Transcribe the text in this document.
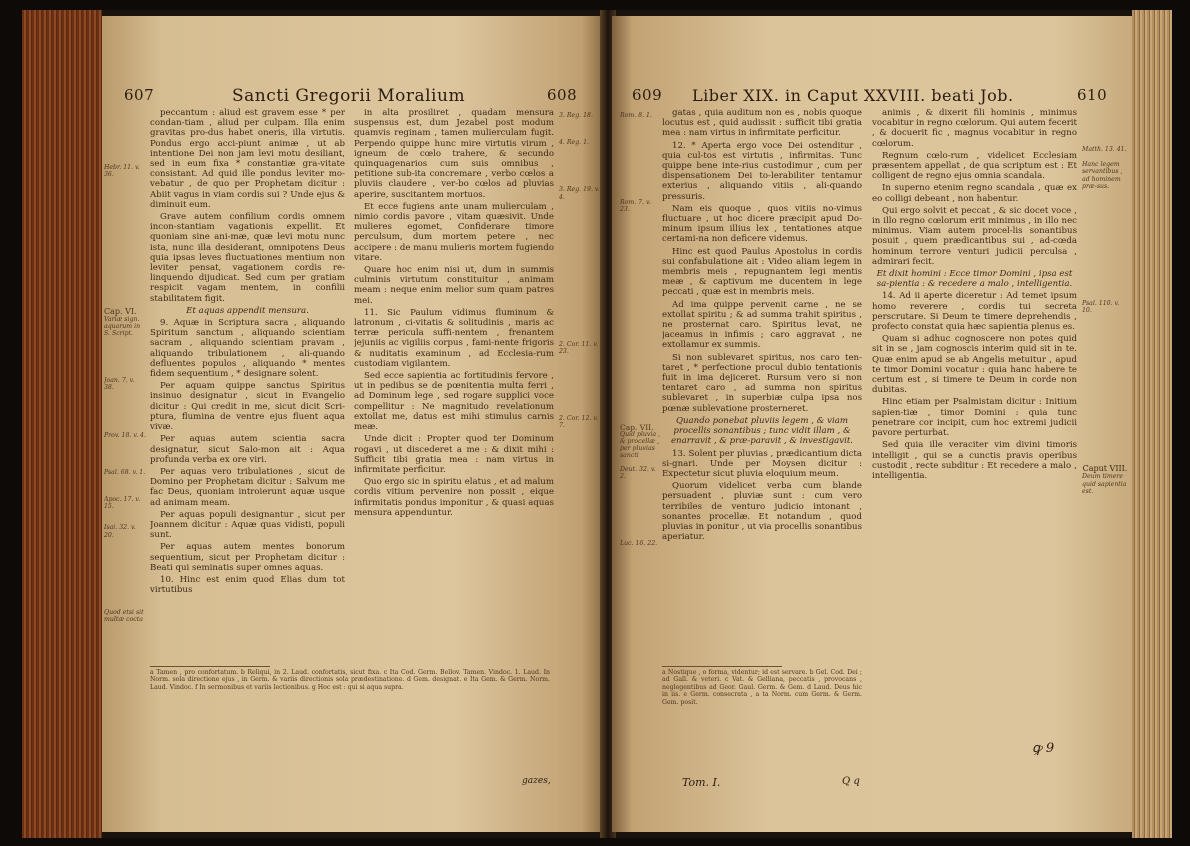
607	Sancti Gregorii Moralium	608
Hebr. 11. v. 36.
Cap. VI.
Variæ sign. aquarum in S. Script.
Joan. 7. v. 38.
Prov. 18. v. 4.
Psal. 68. v. 1.
Apoc. 17. v. 15.
Isai. 32. v. 20.
Quod etsi sit multæ cocta

peccantum : aliud est gravem esse * per condan-tiam , aliud per culpam. Illa enim gravitas pro-dus habet oneris, illa virtutis. Pondus ergo acci-piunt animæ , ut ab intentione Dei non jam levi motu desiliant, sed in eum fixa * constantiæ gra-vitate consistant. Ad quid ille pondus leviter mo-vebatur , de quo per Prophetam dicitur : Abiit vagus in viam cordis sui ? Unde ejus & diminuit eum.

Grave autem confilium cordis omnem incon-stantiam vagationis expellit. Et quoniam sine ani-mæ, quæ levi motu nunc ista, nunc illa desiderant, omnipotens Deus quia ipsas leves fluctuationes mentium non leviter pensat, vagationem cordis re-linquendo dijudicat. Sed cum per gratiam respicit vagam mentem, in confilii stabilitatem figit.

Et aquas appendit mensura.

9. Aquæ in Scriptura sacra , aliquando Spiritum sanctum , aliquando scientiam sacram , aliquando scientiam pravam , aliquando tribulationem , ali-quando defluentes populos , aliquando * mentes fidem sequentium , * designare solent.

Per aquam quippe sanctus Spiritus insinuo designatur , sicut in Evangelio dicitur : Qui credit in me, sicut dicit Scri-ptura, flumina de ventre ejus fluent aqua vivæ.

Per aquas autem scientia sacra designatur, sicut Salo-mon ait : Aqua profunda verba ex ore viri.

Per aquas vero tribulationes , sicut de Domino per Prophetam dicitur : Salvum me fac Deus, quoniam introierunt aquæ usque ad animam meam.

Per aquas populi designantur , sicut per Joannem dicitur : Aquæ quas vidisti, populi sunt.

Per aquas autem mentes bonorum sequentium, sicut per Prophetam dicitur : Beati qui seminatis super omnes aquas.

10. Hinc est enim quod Elias dum tot virtutibus

in alta prosiliret , quadam mensura suspensus est, dum Jezabel post modum quamvis reginam , tamen mulierculam fugit. Perpendo quippe hunc mire virtutis virum , igneum de cœlo trahere, & secundo quinquagenarios cum suis omnibus , petitione sub-ita concremare , verbo cœlos a pluviis claudere , ver-bo cœlos ad pluvias aperire, suscitantem mortuos.

Et ecce fugiens ante unam mulierculam , nimio cordis pavore , vitam quæsivit. Unde mulieres egomet, Confiderare timore perculsum, dum mortem petere , nec accipere : de manu mulieris mortem fugiendo vitare.

Quare hoc enim nisi ut, dum in summis culminis virtutum constituitur , animam meam : neque enim melior sum quam patres mei.

11. Sic Paulum vidimus fluminum & latronum , ci-vitatis & solitudinis , maris ac terræ pericula suffi-nentem , frenantem jejuniis ac vigiliis corpus , fami-nente frigoris & nuditatis examinum , ad Ecclesia-rum custodiam vigilantem.

Sed ecce sapientia ac fortitudinis fervore , ut in pedibus se de pœnitentia multa ferri , ad Dominum lege , sed rogare supplici voce compellitur : Ne magnitudo revelationum extollat me, datus est mihi stimulus carnis meæ.

Unde dicit : Propter quod ter Dominum rogavi , ut discederet a me : & dixit mihi : Sufficit tibi gratia mea : nam virtus in infirmitate perficitur.

Quo ergo sic in spiritu elatus , et ad malum cordis vitium pervenire non possit , eique infirmitatis pondus imponitur , & quasi aquas mensura appenduntur.

3. Reg. 18.
4. Reg. 1.
3. Reg. 19. v. 4.
2. Cor. 11. v. 23.
2. Cor. 12. v. 7.
a Tamen , pro confortatum. b Reliqui, in 2. Laud. confortatis, sicut fixa. c Ita Cod. Germ. Bellov. Tamen. Vindoc. 1. Laud. In Norm. sola directione ejus , in Germ. & variis directionis sola prædestinatione. d Gem. designat. e Ita Gem. & Germ. Norm. Laud. Vindoc. f In sermonibus et variis lectionibus. g Hoc est : qui si aqua supra.
gazes,
609 Liber XIX. in Caput XXVIII. beati Job.	610
Rom. 8. 1.
Rom. 7. v. 23.
Cap. VII.
Quid pluvia , & procellæ , per pluvias sancti
Deut. 32. v. 2.
Luc. 16. 22.

gatas , quia auditum non es , nobis quoque locutus est , quid audissit : sufficit tibi gratia mea : nam virtus in infirmitate perficitur.

12. * Aperta ergo voce Dei ostenditur , quia cul-tos est virtutis , infirmitas. Tunc quippe bene inte-rius custodimur , cum per dispensationem Dei to-lerabiliter tentamur exterius , aliquando vitiis , ali-quando pressuris.

Nam eis quoque , quos vitiis no-vimus fluctuare , ut hoc dicere præcipit apud Do-minum ipsum illius lex , tentationes atque certami-na non deficere videmus.

Hinc est quod Paulus Apostolus in cordis sui confabulatione ait : Video aliam legem in membris meis , repugnantem legi mentis meæ , & captivum me ducentem in lege peccati , quæ est in membris meis.

Ad ima quippe pervenit carne , ne se extollat spiritu ; & ad summa trahit spiritus , ne prosternat caro. Spiritus levat, ne jaceamus in infimis ; caro aggravat , ne extollamur ex summis.

Si non sublevaret spiritus, nos caro ten-taret , * perfectione procul dubio tentationis fuit in ima dejiceret. Rursum vero si non tentaret caro , ad summa non spiritus sublevaret , in superbiæ culpa ipsa nos pœnæ sublevatione prosterneret.

Quando ponebat pluviis legem , & viam procellis sonantibus ; tunc vidit illam , & enarravit , & præ-paravit , & investigavit.

13. Solent per pluvias , prædicantium dicta si-gnari. Unde per Moysen dicitur : Expectetur sicut pluvia eloquium meum.

Quorum videlicet verba cum blande persuadent , pluviæ sunt : cum vero terribiles de venturo judicio intonant , sonantes procellæ. Et notandum , quod pluvias in ponitur , ut via procellis sonantibus aperiatur.

animis , & dixerit fili hominis , minimus vocabitur in regno cœlorum. Qui autem fecerit , & docuerit fic , magnus vocabitur in regno cœlorum.

Regnum cœlo-rum , videlicet Ecclesiam præsentem appellat , de qua scriptum est : Et colligent de regno ejus omnia scandala.

In superno etenim regno scandala , quæ ex eo colligi debeant , non habentur.

Qui ergo solvit et peccat , & sic docet voce , in illo regno cœlorum erit minimus , in illo nec minimus. Viam autem procel-lis sonantibus posuit , quem prædicantibus sui , ad-cœda hominum terrore venturi judicii perculsa , admirari fecit.

Et dixit homini : Ecce timor Domini , ipsa est sa-pientia : & recedere a malo , intelligentia.

14. Ad ii aperte diceretur : Ad temet ipsum homo reverere , cordis tui secreta perscrutare. Si Deum te timere deprehendis , profecto constat quia hæc sapientia plenus es.

Quam si adhuc cognoscere non potes quid sit in se , jam cognoscis interim quid sit in te. Quæ enim apud se ab Angelis metuitur , apud te timor Domini vocatur : quia hanc habere te certum est , si timere te Deum in corde non dubitas.

Hinc etiam per Psalmistam dicitur : Initium sapien-tiæ , timor Domini : quia tunc penetrare cor incipit, cum hoc extremi judicii pavore perturbat.

Sed quia ille veraciter vim divini timoris intelligit , qui se a cunctis pravis operibus custodit , recte subditur : Et recedere a malo , intelligentia.

Matth. 13. 41.
Hanc legem servantibus , ad hominem præ-sus.
Psal. 110. v. 10.
Caput VIII.
Deum timere quid sapientia est.
a Nostique , o forma, videntur; id est servare. b Gel. Cod. Dei ; ad Gall. & veteri. c Vat. & Gelliana, peccatis , provocans , neglegentibus ad Geor. Gaul. Germ. & Gem. d Laud. Deus hic in iis. e Germ. consecrata , a ta Norm. cum Germ. & Germ. Gem. posit.
Tom. I.	Q q
ꝙ 9
